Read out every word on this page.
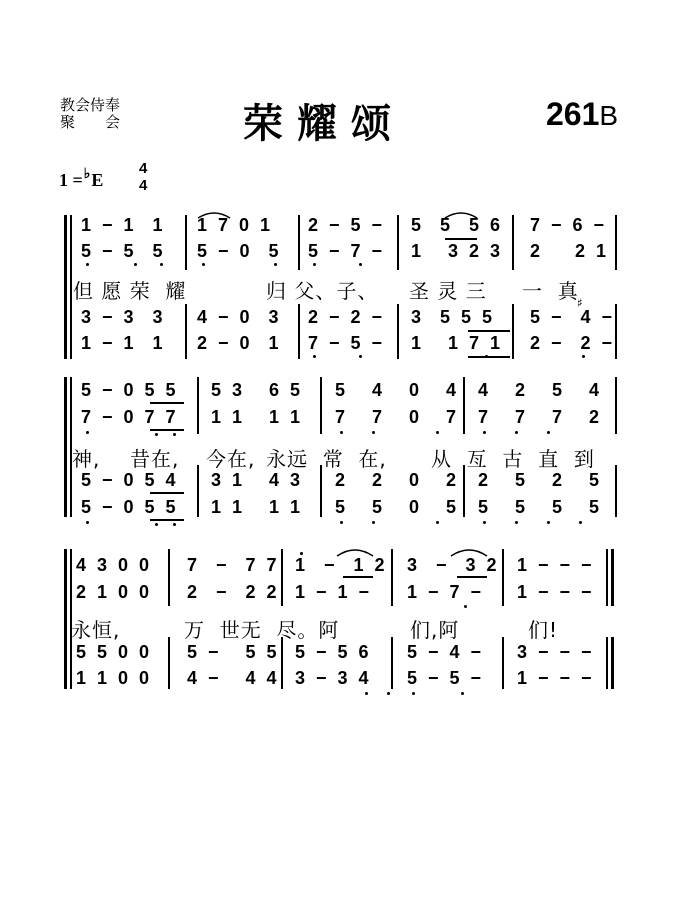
教会侍奉
聚 会	荣耀颂	261B
1 =♭E
4
4
1 − 1  1 1 7 0 1 2 − 5 − 5  5  5 6 7 − 6 −
5 − 5  5 5 − 0  5 5 − 7 − 1   3 2 3 2    2 1
但 愿 荣  耀	归 父、子、 圣 灵 三 一  真
3 − 3  3 4 − 0  3 2 − 2 − 3  5 5 5 5 −  4 −
1 − 1  1 2 − 0  1 7 − 5 − 1   1 7 1 2 −  2 −
♯
5 − 0 5 5 5 3   6 5 5   4   0   4 4   2   5   4
7 − 0 7 7 1 1   1 1 7   7   0   7 7   7   7   2
神, 昔在, 今在, 永远  常  在, 从  亙  古  直  到
5 − 0 5 4 3 1   4 3 2   2   0   2 2   5   2   5
5 − 0 5 5 1 1   1 1 5   5   0   5 5   5   5   5
4 3 0 0 7  −  7 7 1  −  1 2 3  −  3 2 1 − − −
2 1 0 0 2  −  2 2 1 − 1 − 1 − 7 − 1 − − −
永恒,	万  世无  尽。阿	们,阿	们!
5 5 0 0 5 −   5 5 5 − 5 6 5 − 4 − 3 − − −
1 1 0 0 4 −   4 4 3 − 3 4 5 − 5 − 1 − − −
